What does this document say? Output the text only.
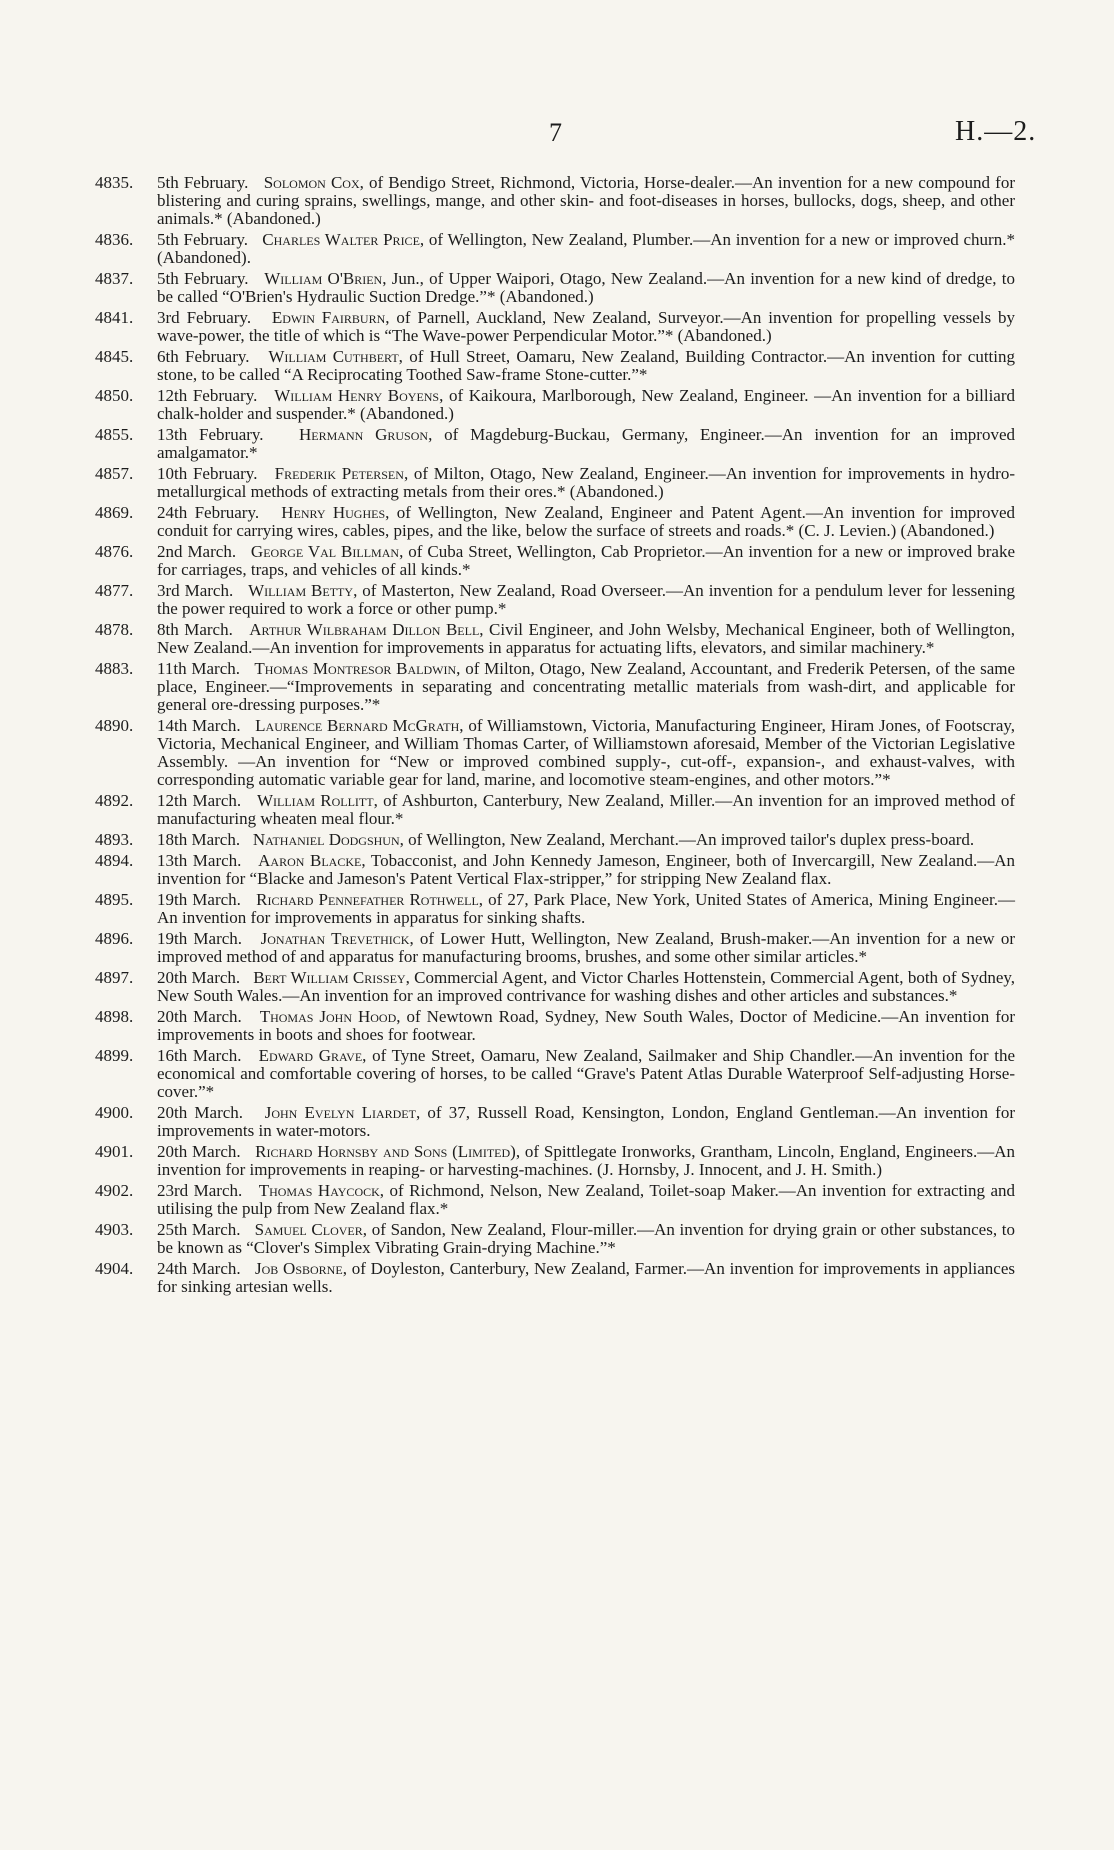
7	H.—2.
4835.	5th February. Solomon Cox, of Bendigo Street, Richmond, Victoria, Horse-dealer.—An invention for a new compound for blistering and curing sprains, swellings, mange, and other skin- and foot-diseases in horses, bullocks, dogs, sheep, and other animals.* (Abandoned.)
4836.	5th February. Charles Walter Price, of Wellington, New Zealand, Plumber.—An invention for a new or improved churn.* (Abandoned).
4837.	5th February. William O'Brien, Jun., of Upper Waipori, Otago, New Zealand.—An invention for a new kind of dredge, to be called “O'Brien's Hydraulic Suction Dredge.”* (Abandoned.)
4841.	3rd February. Edwin Fairburn, of Parnell, Auckland, New Zealand, Surveyor.—An invention for propelling vessels by wave-power, the title of which is “The Wave-power Perpendicular Motor.”* (Abandoned.)
4845.	6th February. William Cuthbert, of Hull Street, Oamaru, New Zealand, Building Contractor.—An invention for cutting stone, to be called “A Reciprocating Toothed Saw-frame Stone-cutter.”*
4850.	12th February. William Henry Boyens, of Kaikoura, Marlborough, New Zealand, Engineer. —An invention for a billiard chalk-holder and suspender.* (Abandoned.)
4855.	13th February. Hermann Gruson, of Magdeburg-Buckau, Germany, Engineer.—An invention for an improved amalgamator.*
4857.	10th February. Frederik Petersen, of Milton, Otago, New Zealand, Engineer.—An invention for improvements in hydro-metallurgical methods of extracting metals from their ores.* (Abandoned.)
4869.	24th February. Henry Hughes, of Wellington, New Zealand, Engineer and Patent Agent.—An invention for improved conduit for carrying wires, cables, pipes, and the like, below the surface of streets and roads.* (C. J. Levien.) (Abandoned.)
4876.	2nd March. George Val Billman, of Cuba Street, Wellington, Cab Proprietor.—An invention for a new or improved brake for carriages, traps, and vehicles of all kinds.*
4877.	3rd March. William Betty, of Masterton, New Zealand, Road Overseer.—An invention for a pendulum lever for lessening the power required to work a force or other pump.*
4878.	8th March. Arthur Wilbraham Dillon Bell, Civil Engineer, and John Welsby, Mechanical Engineer, both of Wellington, New Zealand.—An invention for improvements in apparatus for actuating lifts, elevators, and similar machinery.*
4883.	11th March. Thomas Montresor Baldwin, of Milton, Otago, New Zealand, Accountant, and Frederik Petersen, of the same place, Engineer.—“Improvements in separating and concentrating metallic materials from wash-dirt, and applicable for general ore-dressing purposes.”*
4890.	14th March. Laurence Bernard McGrath, of Williamstown, Victoria, Manufacturing Engineer, Hiram Jones, of Footscray, Victoria, Mechanical Engineer, and William Thomas Carter, of Williamstown aforesaid, Member of the Victorian Legislative Assembly. —An invention for “New or improved combined supply-, cut-off-, expansion-, and exhaust-valves, with corresponding automatic variable gear for land, marine, and locomotive steam-engines, and other motors.”*
4892.	12th March. William Rollitt, of Ashburton, Canterbury, New Zealand, Miller.—An invention for an improved method of manufacturing wheaten meal flour.*
4893.	18th March. Nathaniel Dodgshun, of Wellington, New Zealand, Merchant.—An improved tailor's duplex press-board.
4894.	13th March. Aaron Blacke, Tobacconist, and John Kennedy Jameson, Engineer, both of Invercargill, New Zealand.—An invention for “Blacke and Jameson's Patent Vertical Flax-stripper,” for stripping New Zealand flax.
4895.	19th March. Richard Pennefather Rothwell, of 27, Park Place, New York, United States of America, Mining Engineer.—An invention for improvements in apparatus for sinking shafts.
4896.	19th March. Jonathan Trevethick, of Lower Hutt, Wellington, New Zealand, Brush-maker.—An invention for a new or improved method of and apparatus for manufacturing brooms, brushes, and some other similar articles.*
4897.	20th March. Bert William Crissey, Commercial Agent, and Victor Charles Hottenstein, Commercial Agent, both of Sydney, New South Wales.—An invention for an improved contrivance for washing dishes and other articles and substances.*
4898.	20th March. Thomas John Hood, of Newtown Road, Sydney, New South Wales, Doctor of Medicine.—An invention for improvements in boots and shoes for footwear.
4899.	16th March. Edward Grave, of Tyne Street, Oamaru, New Zealand, Sailmaker and Ship Chandler.—An invention for the economical and comfortable covering of horses, to be called “Grave's Patent Atlas Durable Waterproof Self-adjusting Horse-cover.”*
4900.	20th March. John Evelyn Liardet, of 37, Russell Road, Kensington, London, England Gentleman.—An invention for improvements in water-motors.
4901.	20th March. Richard Hornsby and Sons (Limited), of Spittlegate Ironworks, Grantham, Lincoln, England, Engineers.—An invention for improvements in reaping- or harvesting-machines. (J. Hornsby, J. Innocent, and J. H. Smith.)
4902.	23rd March. Thomas Haycock, of Richmond, Nelson, New Zealand, Toilet-soap Maker.—An invention for extracting and utilising the pulp from New Zealand flax.*
4903.	25th March. Samuel Clover, of Sandon, New Zealand, Flour-miller.—An invention for drying grain or other substances, to be known as “Clover's Simplex Vibrating Grain-drying Machine.”*
4904.	24th March. Job Osborne, of Doyleston, Canterbury, New Zealand, Farmer.—An invention for improvements in appliances for sinking artesian wells.
